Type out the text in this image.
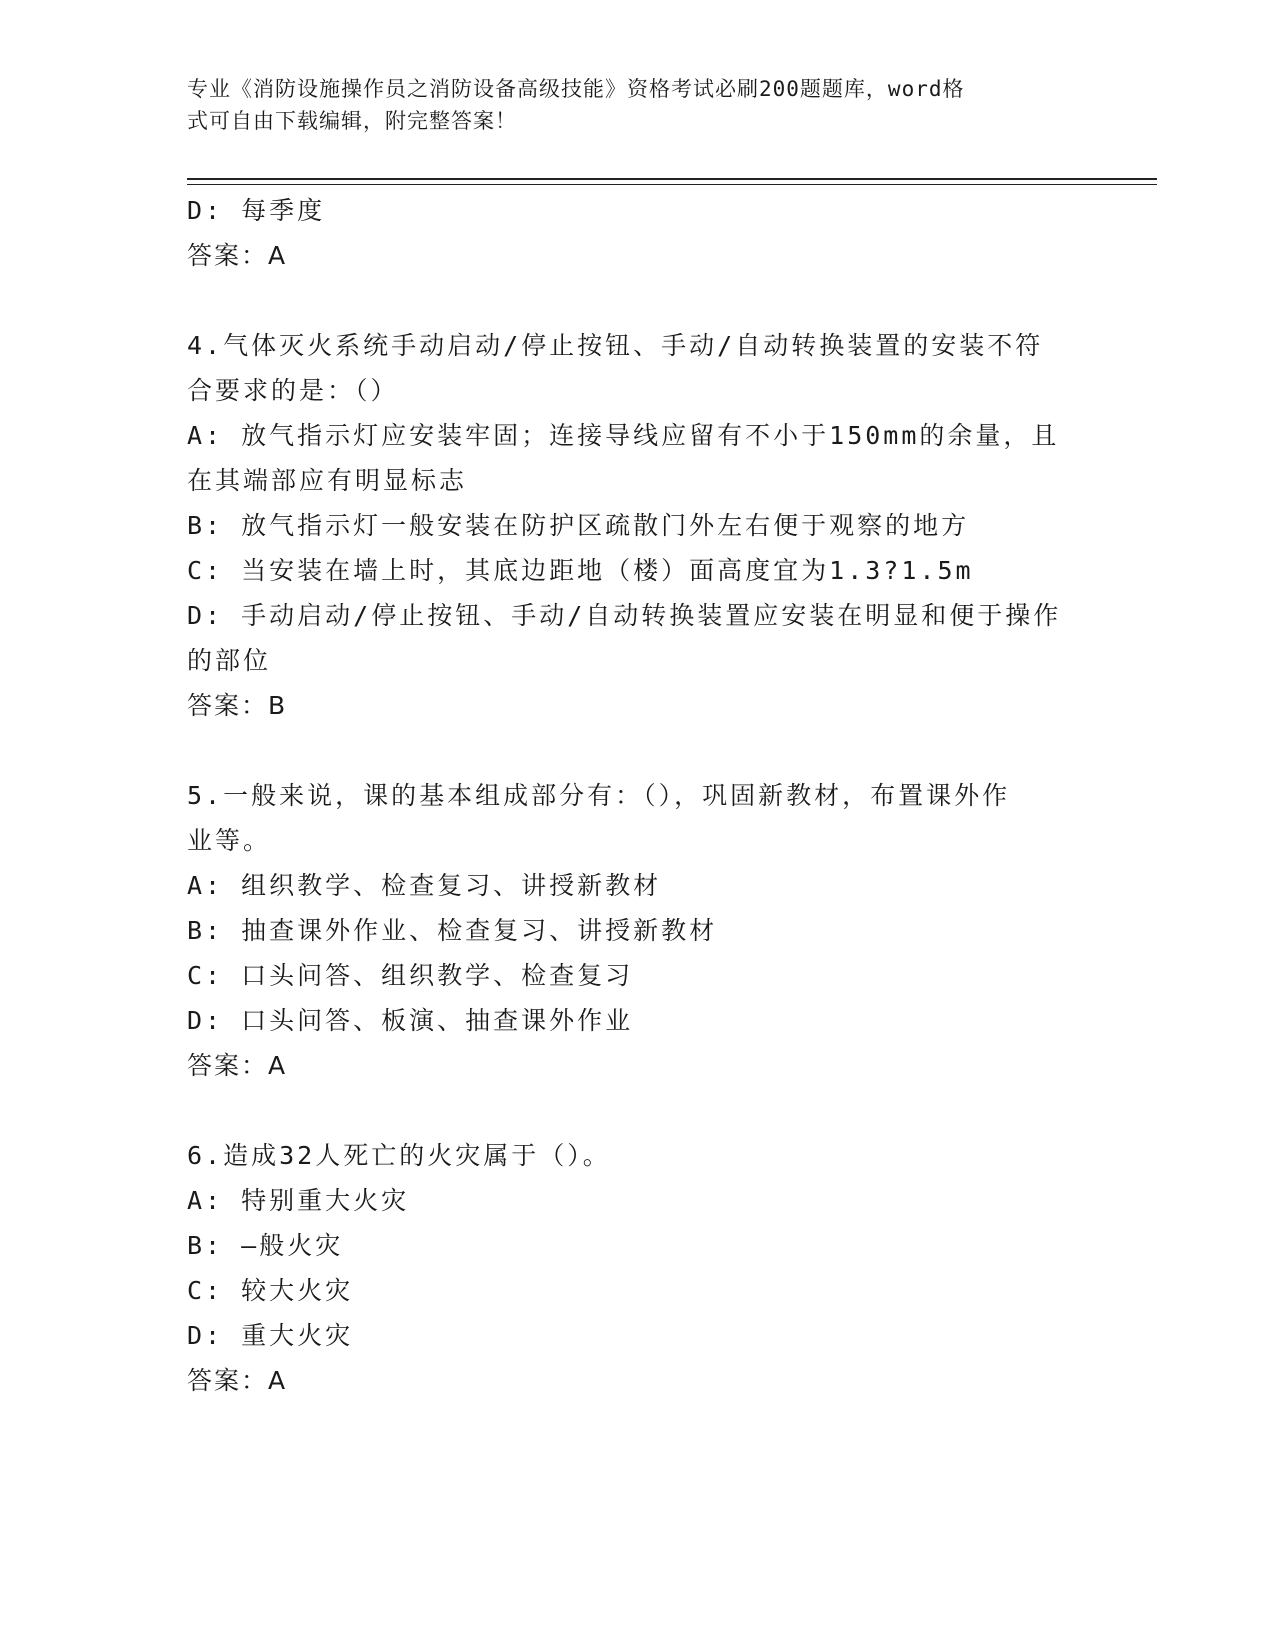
专业《消防设施操作员之消防设备高级技能》资格考试必刷200题题库，word格
式可自由下载编辑，附完整答案！

D: 每季度

答案：A

4.气体灭火系统手动启动/停止按钮、手动/自动转换装置的安装不符

合要求的是：（）

A: 放气指示灯应安装牢固；连接导线应留有不小于150mm的余量，且

在其端部应有明显标志

B: 放气指示灯一般安装在防护区疏散门外左右便于观察的地方

C: 当安装在墙上时，其底边距地（楼）面高度宜为1.3?1.5m

D: 手动启动/停止按钮、手动/自动转换装置应安装在明显和便于操作

的部位

答案：B

5.一般来说，课的基本组成部分有：（），巩固新教材，布置课外作

业等。

A: 组织教学、检查复习、讲授新教材

B: 抽查课外作业、检查复习、讲授新教材

C: 口头问答、组织教学、检查复习

D: 口头问答、板演、抽查课外作业

答案：A

6.造成32人死亡的火灾属于（）。

A: 特别重大火灾

B: —般火灾

C: 较大火灾

D: 重大火灾

答案：A
